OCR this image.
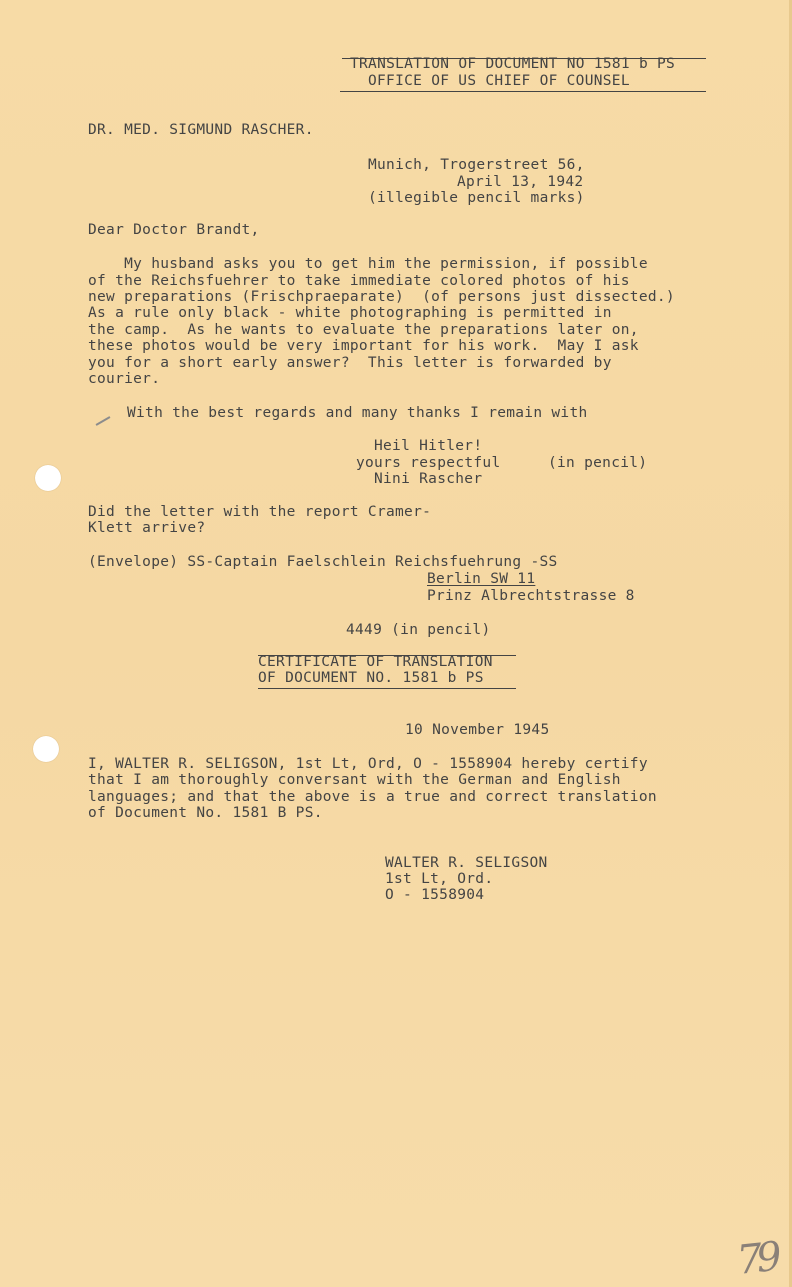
TRANSLATION OF DOCUMENT NO 1581 b PS
OFFICE OF US CHIEF OF COUNSEL
DR. MED. SIGMUND RASCHER.
Munich, Trogerstreet 56,
April 13, 1942
(illegible pencil marks)
Dear Doctor Brandt,
My husband asks you to get him the permission, if possible
of the Reichsfuehrer to take immediate colored photos of his
new preparations (Frischpraeparate)  (of persons just dissected.)
As a rule only black - white photographing is permitted in
the camp.  As he wants to evaluate the preparations later on,
these photos would be very important for his work.  May I ask
you for a short early answer?  This letter is forwarded by
courier.
With the best regards and many thanks I remain with
Heil Hitler!
yours respectful	(in pencil)
Nini Rascher
Did the letter with the report Cramer-
Klett arrive?
(Envelope) SS-Captain Faelschlein Reichsfuehrung -SS
Berlin SW 11
Prinz Albrechtstrasse 8
4449 (in pencil)
CERTIFICATE OF TRANSLATION
OF DOCUMENT NO. 1581 b PS
10 November 1945
I, WALTER R. SELIGSON, 1st Lt, Ord, O - 1558904 hereby certify
that I am thoroughly conversant with the German and English
languages; and that the above is a true and correct translation
of Document No. 1581 B PS.
WALTER R. SELIGSON
1st Lt, Ord.
O - 1558904
79
